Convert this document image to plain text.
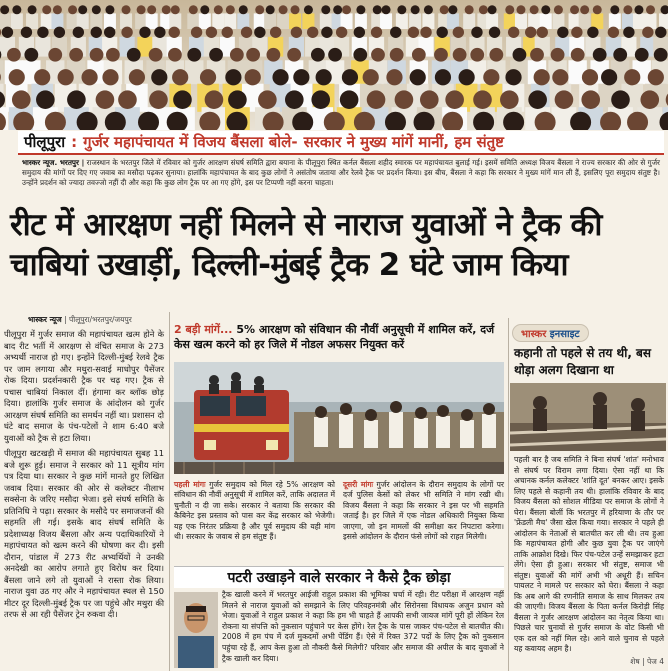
पीलूपुरा : गुर्जर महापंचायत में विजय बैंसला बोले- सरकार ने मुख्य मांगें मानीं, हम संतुष्ट
भास्कर न्यूज. भरतपुर | राजस्थान के भरतपुर जिले में रविवार को गुर्जर आरक्षण संघर्ष समिति द्वारा बयाना के पीलूपुरा स्थित कर्नल बैंसला शहीद स्मारक पर महापंचायत बुलाई गई। इसमें समिति अध्यक्ष विजय बैंसला ने राज्य सरकार की ओर से गुर्जर समुदाय की मांगों पर दिए गए जवाब का मसौदा पढ़कर सुनाया। हालांकि महापंचायत के बाद कुछ लोगों ने असंतोष जताया और रेलवे ट्रैक पर प्रदर्शन किया। इस बीच, बैंसला ने कहा कि सरकार ने मुख्य मांगें मान ली हैं, इसलिए पूरा समुदाय संतुष्ट है। उन्होंने प्रदर्शन को ज्यादा तवज्जो नहीं दी और कहा कि कुछ लोग ट्रैक पर आ गए होंगे, इस पर टिप्पणी नहीं करना चाहता।
रीट में आरक्षण नहीं मिलने से नाराज युवाओं ने ट्रैक की
चाबियां उखाड़ीं, दिल्ली-मुंबई ट्रैक 2 घंटे जाम किया
भास्कर न्यूज | पीलूपुरा/भरतपुर/जयपुर

पीलूपुरा में गुर्जर समाज की महापंचायत खत्म होने के बाद रीट भर्ती में आरक्षण से वंचित समाज के 273 अभ्यर्थी नाराज हो गए। इन्होंने दिल्ली-मुंबई रेलवे ट्रैक पर जाम लगाया और मथुरा-सवाई माधोपुर पैसेंजर रोक दिया। प्रदर्शनकारी ट्रैक पर चढ़ गए। ट्रैक से पचास चाबियां निकाल दीं। हंगामा कर ब्लॉक छोड़ दिया। हालांकि गुर्जर समाज के आंदोलन को गुर्जर आरक्षण संघर्ष समिति का समर्थन नहीं था। प्रशासन दो घंटे बाद समाज के पंच-पटेलों ने शाम 6:40 बजे युवाओं को ट्रैक से हटा लिया।

पीलूपुरा खटखड़ी में समाज की महापंचायत सुबह 11 बजे शुरू हुई। समाज ने सरकार को 11 सूत्रीय मांग पत्र दिया था। सरकार ने कुछ मांगें मानते हुए लिखित जवाब दिया। सरकार की ओर से कलेक्टर नीलाभ सक्सेना के जरिए मसौदा भेजा। इसे संघर्ष समिति के प्रतिनिधि ने पढ़ा। सरकार के मसौदे पर समाजजनों की सहमति ली गई। इसके बाद संघर्ष समिति के प्रदेशाध्यक्ष विजय बैंसला और अन्य पदाधिकारियों ने महापंचायत को खत्म करने की घोषणा कर दी। इसी दौरान, पांडाल में 273 रीट अभ्यर्थियों ने उनकी अनदेखी का आरोप लगाते हुए विरोध कर दिया। बैंसला जाने लगे तो युवाओं ने रास्ता रोक लिया। नाराज युवा उठ गए और ने महापंचायत स्थल से 150 मीटर दूर दिल्ली-मुंबई ट्रैक पर जा पहुंचे और मथुरा की तरफ से आ रही पैसेंजर ट्रेन रुकवा दी।

2 बड़ी मांगें... 5% आरक्षण को संविधान की नौवीं अनुसूची में शामिल करें, दर्ज केस खत्म करने को हर जिले में नोडल अफसर नियुक्त करें

पहली मांगः गुर्जर समुदाय को मिल रहे 5% आरक्षण को संविधान की नौवीं अनुसूची में शामिल करें, ताकि अदालत में चुनौती न दी जा सके। सरकार ने बताया कि सरकार की कैबिनेट इस प्रस्ताव को पास कर केंद्र सरकार को भेजेगी। यह एक निरंतर प्रक्रिया है और पूर्व समुदाय की यही मांग थी। सरकार के जवाब से हम संतुष्ट हैं।

दूसरी मांगः गुर्जर आंदोलन के दौरान समुदाय के लोगों पर दर्ज पुलिस केसों को लेकर भी समिति ने मांग रखी थी। विजय बैंसला ने कहा कि सरकार ने इस पर भी सहमति जताई है। हर जिले में एक नोडल अधिकारी नियुक्त किया जाएगा, जो इन मामलों की समीक्षा कर निपटारा करेगा। इससे आंदोलन के दौरान फंसे लोगों को राहत मिलेगी।

पटरी उखाड़ने वाले सरकार ने कैसे ट्रैक छोड़ा
ट्रैक खाली करने में भरतपुर आईजी राहुल प्रकाश की भूमिका चर्चा में रही। रीट परीक्षा में आरक्षण नहीं मिलने से नाराज युवाओं को समझाने के लिए परिवहनमंत्री और सिरोनसा विधायक अजुन प्रधान को भेजा। युवाओं ने राहुल प्रकाश ने कहा कि हम भी चाहते हैं आपकी सभी जायज मांगें पूरी हों लेकिन रेल रोकना या संपत्ति को नुकसान पहुंचाने पर केस होंगे। रेल ट्रैक के पास जाकर पंच-पटेल से बातचीत की। 2008 में हम पंच में दर्ज मुकदमों अभी पेंडिंग हैं। ऐसे में रिक्त 372 पदों के लिए ट्रैक को नुकसान पहुंचा रहे हैं, आप केस हुआ तो नौकरी कैसे मिलेगी? परिवार और समाज की अपील के बाद युवाओं ने ट्रैक खाली कर दिया।
भास्कर इनसाइट
कहानी तो पहले से तय थी, बस थोड़ा अलग दिखाना था

पहली बार है जब समिति ने बिना संघर्ष 'शांत' मनोभाव से संघर्ष पर विराम लगा दिया। ऐसा नहीं था कि अचानक कर्नल कलेक्टर 'शांति दूत' बनकर आए। इसके लिए पहले से कहानी तय थी। हालांकि रविवार के बाद विजय बैंसला को सोशल मीडिया पर समाज के लोगों ने घेरा। बैंसला बोलीं कि भरतपुर में हरियाणा के तौर पर 'फ्रेंडली मैच' जैसा खेल किया गया। सरकार ने पहले ही आंदोलन के नेताओं से बातचीत कर ली थी। तय हुआ कि महापंचायत होगी और कुछ युवा ट्रैक पर जाएंगे ताकि आक्रोश दिखे। फिर पंच-पटेल उन्हें समझाकर हटा लेंगे। ऐसा ही हुआ। सरकार भी संतुष्ट, समाज भी संतुष्ट। युवाओं की मांगें अभी भी अधूरी हैं। सचिन पायलट ने मामले पर सरकार को घेरा। बैंसला ने कहा कि अब आगे की रणनीति समाज के साथ मिलकर तय की जाएगी। विजय बैंसला के पिता कर्नल किरोड़ी सिंह बैंसला ने गुर्जर आरक्षण आंदोलन का नेतृत्व किया था। पिछले चार चुनावों से गुर्जर समाज के वोट किसी भी एक दल को नहीं मिल रहे। आने वाले चुनाव से पहले यह कवायद अहम है।

शेष | पेज 4
